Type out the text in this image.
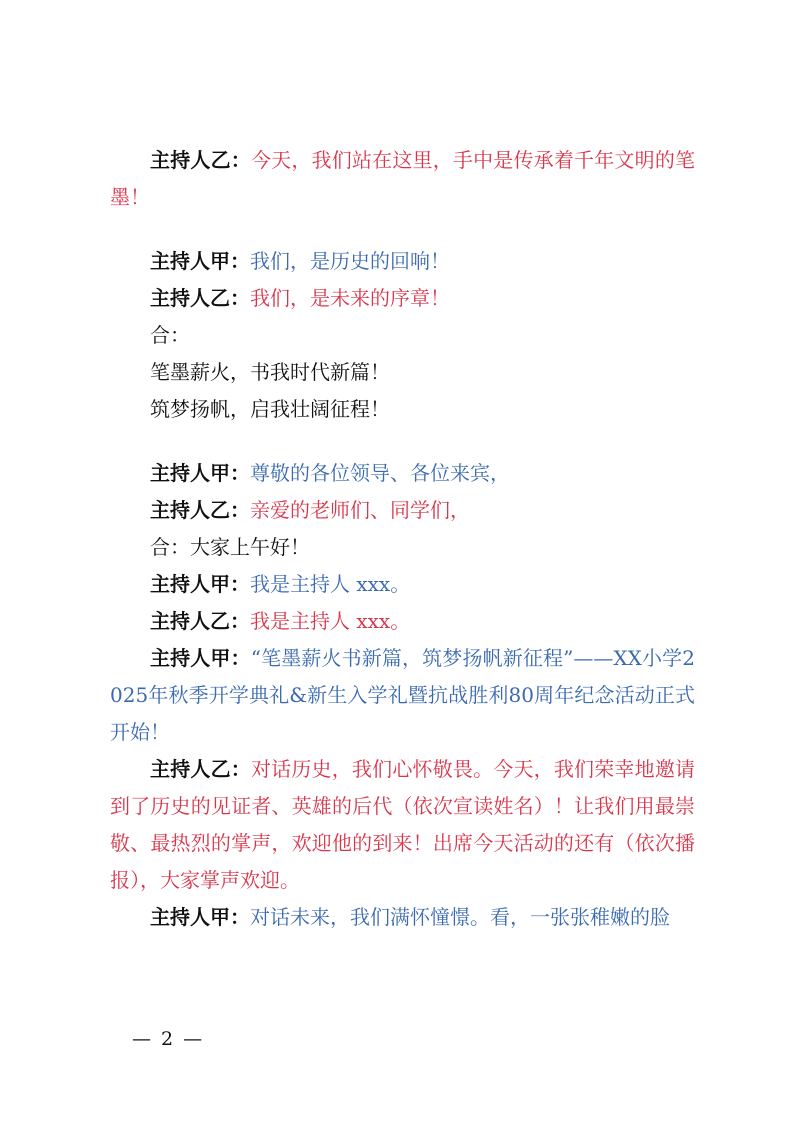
主持人乙：今天，我们站在这里，手中是传承着千年文明的笔墨！

主持人甲：我们，是历史的回响！

主持人乙：我们，是未来的序章！

合：

笔墨薪火，书我时代新篇！

筑梦扬帆，启我壮阔征程！

主持人甲：尊敬的各位领导、各位来宾，

主持人乙：亲爱的老师们、同学们，

合：大家上午好！

主持人甲：我是主持人 xxx。

主持人乙：我是主持人 xxx。

主持人甲：“笔墨薪火书新篇，筑梦扬帆新征程”——XX小学2025年秋季开学典礼&新生入学礼暨抗战胜利80周年纪念活动正式开始！

主持人乙：对话历史，我们心怀敬畏。今天，我们荣幸地邀请到了历史的见证者、英雄的后代（依次宣读姓名）！让我们用最崇敬、最热烈的掌声，欢迎他的到来！出席今天活动的还有（依次播报），大家掌声欢迎。

主持人甲：对话未来，我们满怀憧憬。看，一张张稚嫩的脸

— 2 —
